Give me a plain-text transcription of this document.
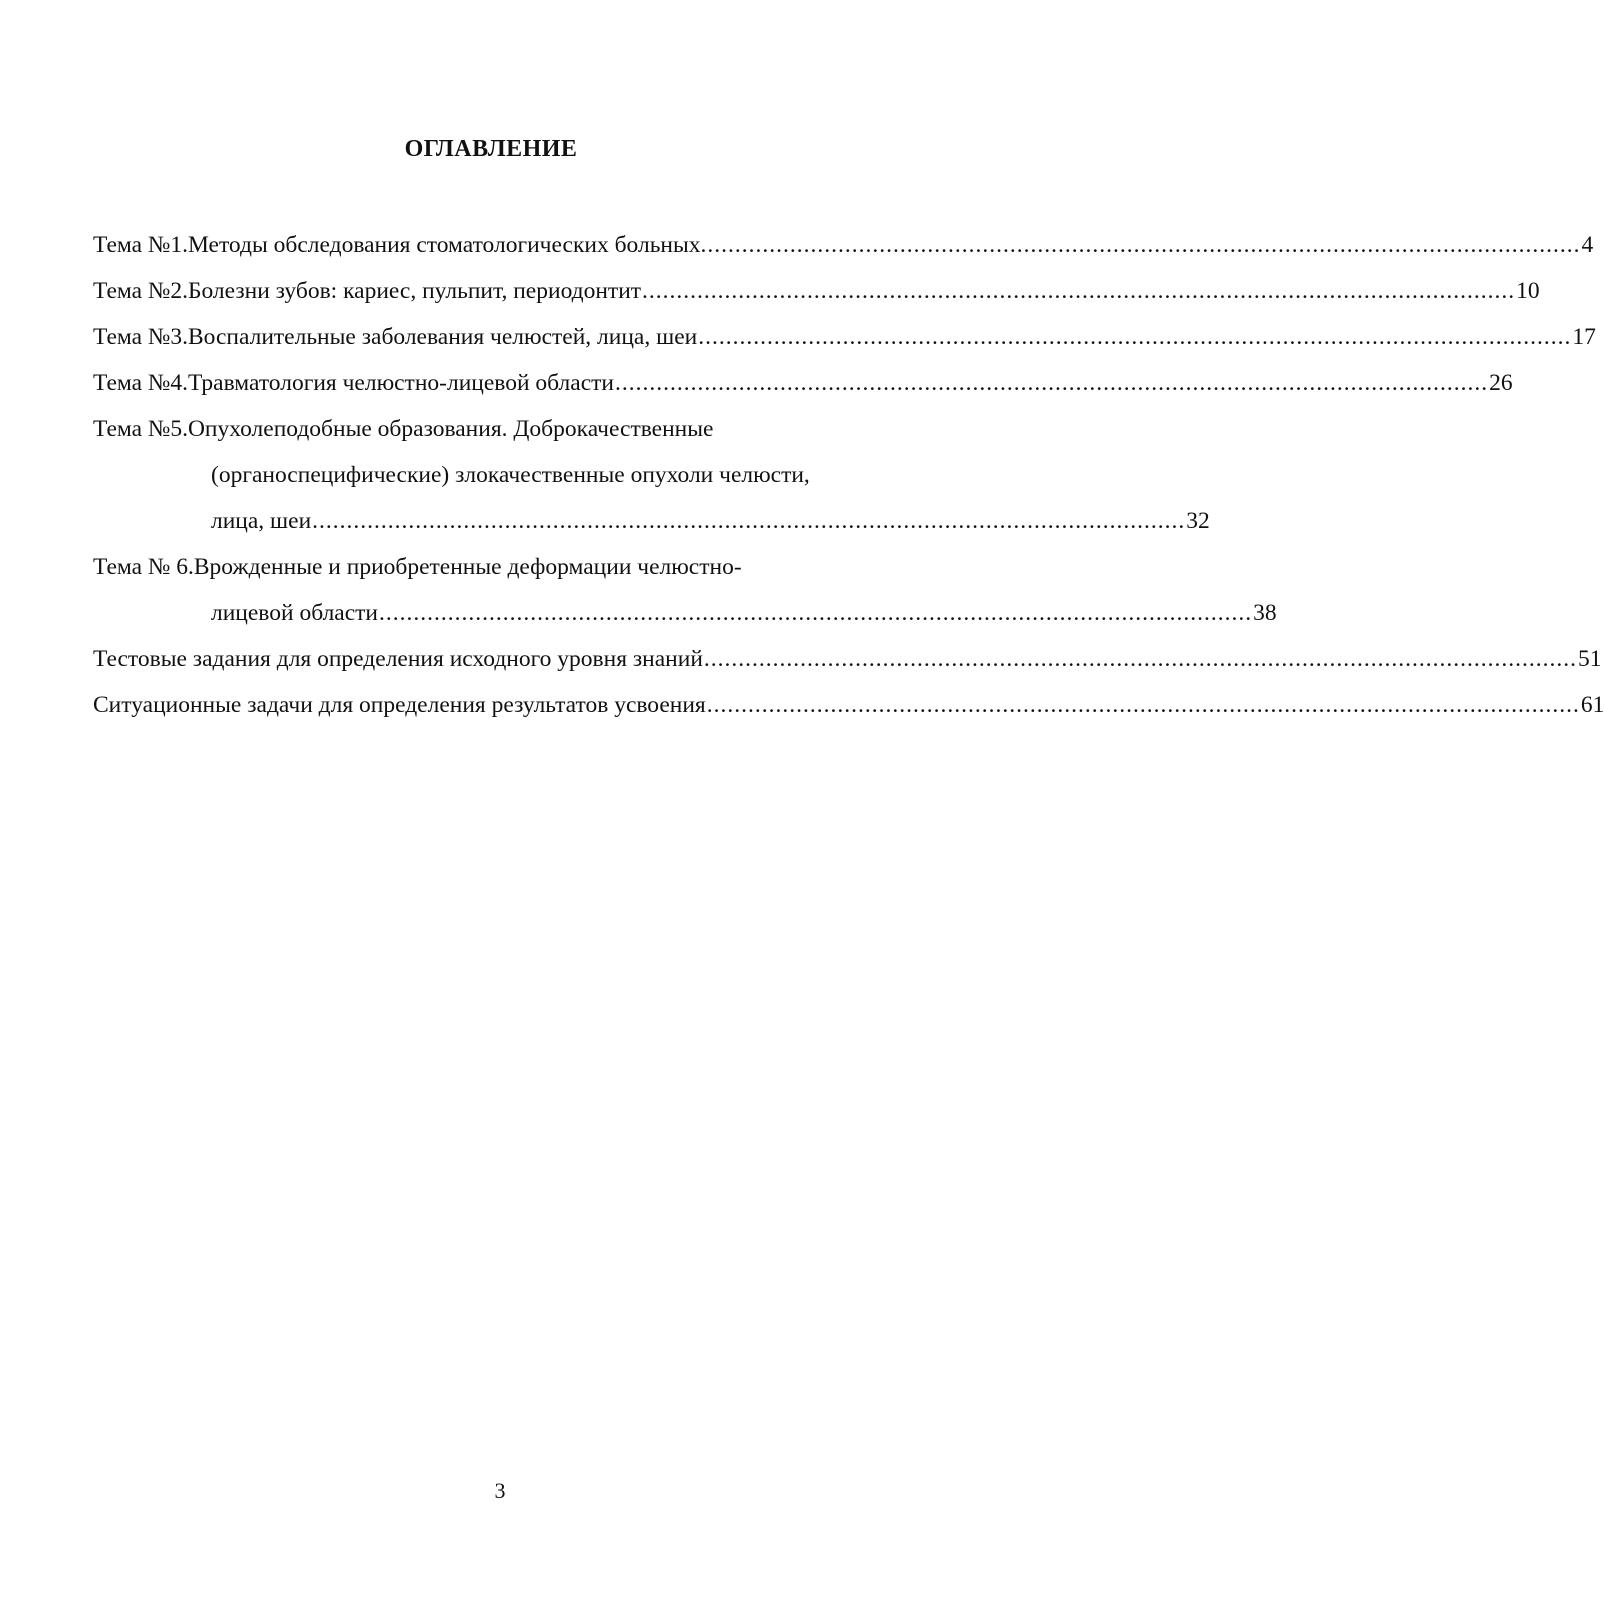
ОГЛАВЛЕНИЕ
Тема №1. Методы обследования стоматологических больных. ............................................................................................................................... 4
Тема №2. Болезни зубов: кариес, пульпит, периодонтит ............................................................................................................................... 10
Тема №3. Воспалительные заболевания челюстей, лица, шеи ............................................................................................................................... 17
Тема №4. Травматология челюстно-лицевой области ............................................................................................................................... 26
Тема №5. Опухолеподобные образования. Доброкачественные
(органоспецифические) злокачественные опухоли челюсти,
лица, шеи ............................................................................................................................... 32
Тема № 6. Врожденные и приобретенные деформации челюстно-
лицевой области ............................................................................................................................... 38
Тестовые задания для определения исходного уровня знаний ............................................................................................................................... 51
Ситуационные задачи для определения результатов усвоения ............................................................................................................................... 61
3
